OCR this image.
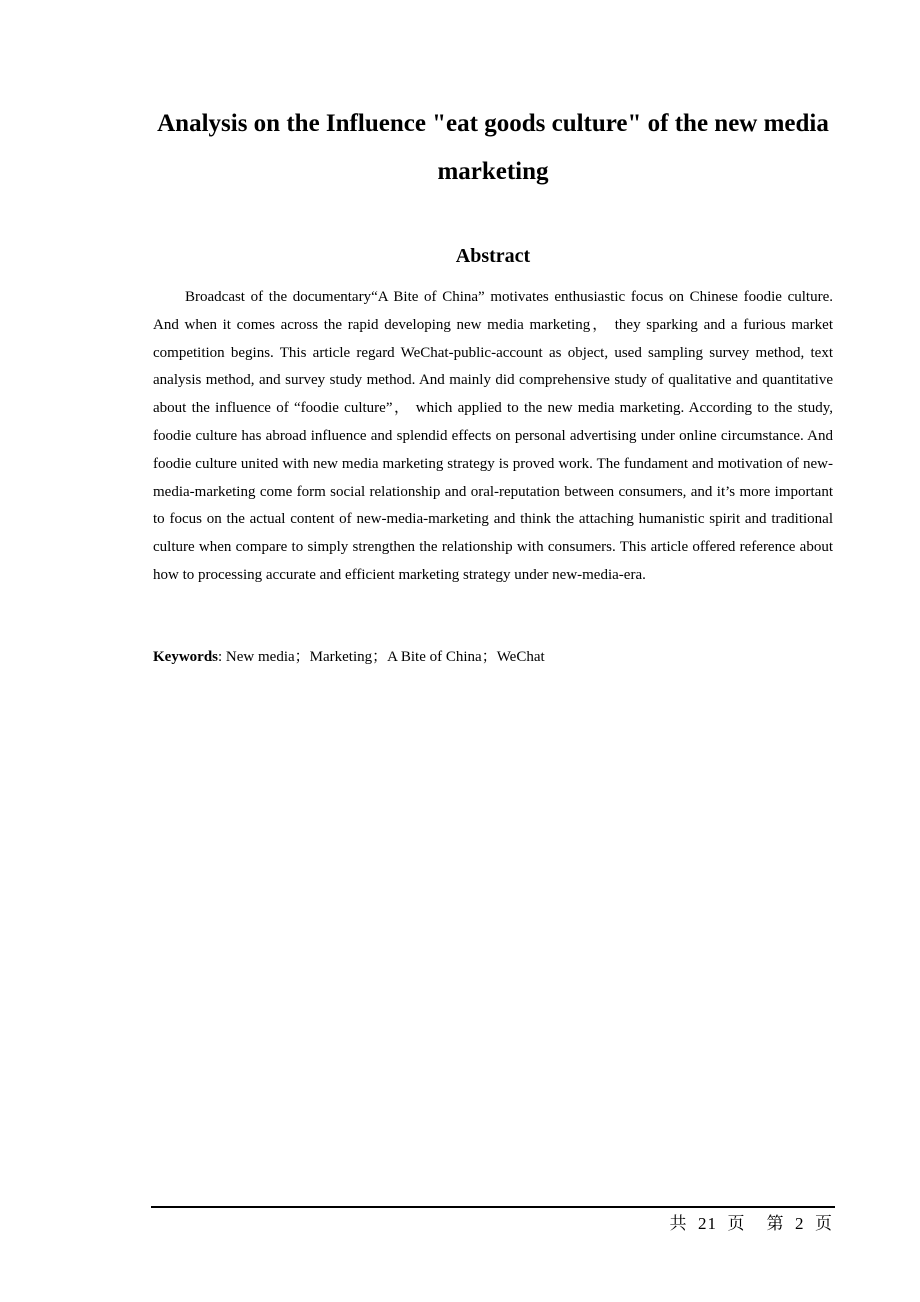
Analysis on the Influence "eat goods culture" of the new media marketing
Abstract

Broadcast of the documentary“A Bite of China” motivates enthusiastic focus on Chinese foodie culture. And when it comes across the rapid developing new media marketing， they sparking and a furious market competition begins. This article regard WeChat-public-account as object, used sampling survey method, text analysis method, and survey study method. And mainly did comprehensive study of qualitative and quantitative about the influence of “foodie culture”， which applied to the new media marketing. According to the study, foodie culture has abroad influence and splendid effects on personal advertising under online circumstance. And foodie culture united with new media marketing strategy is proved work. The fundament and motivation of new-media-marketing come form social relationship and oral-reputation between consumers, and it’s more important to focus on the actual content of new-media-marketing and think the attaching humanistic spirit and traditional culture when compare to simply strengthen the relationship with consumers. This article offered reference about how to processing accurate and efficient marketing strategy under new-media-era.

Keywords: New media；Marketing；A Bite of China；WeChat

共  21  页    第  2  页
